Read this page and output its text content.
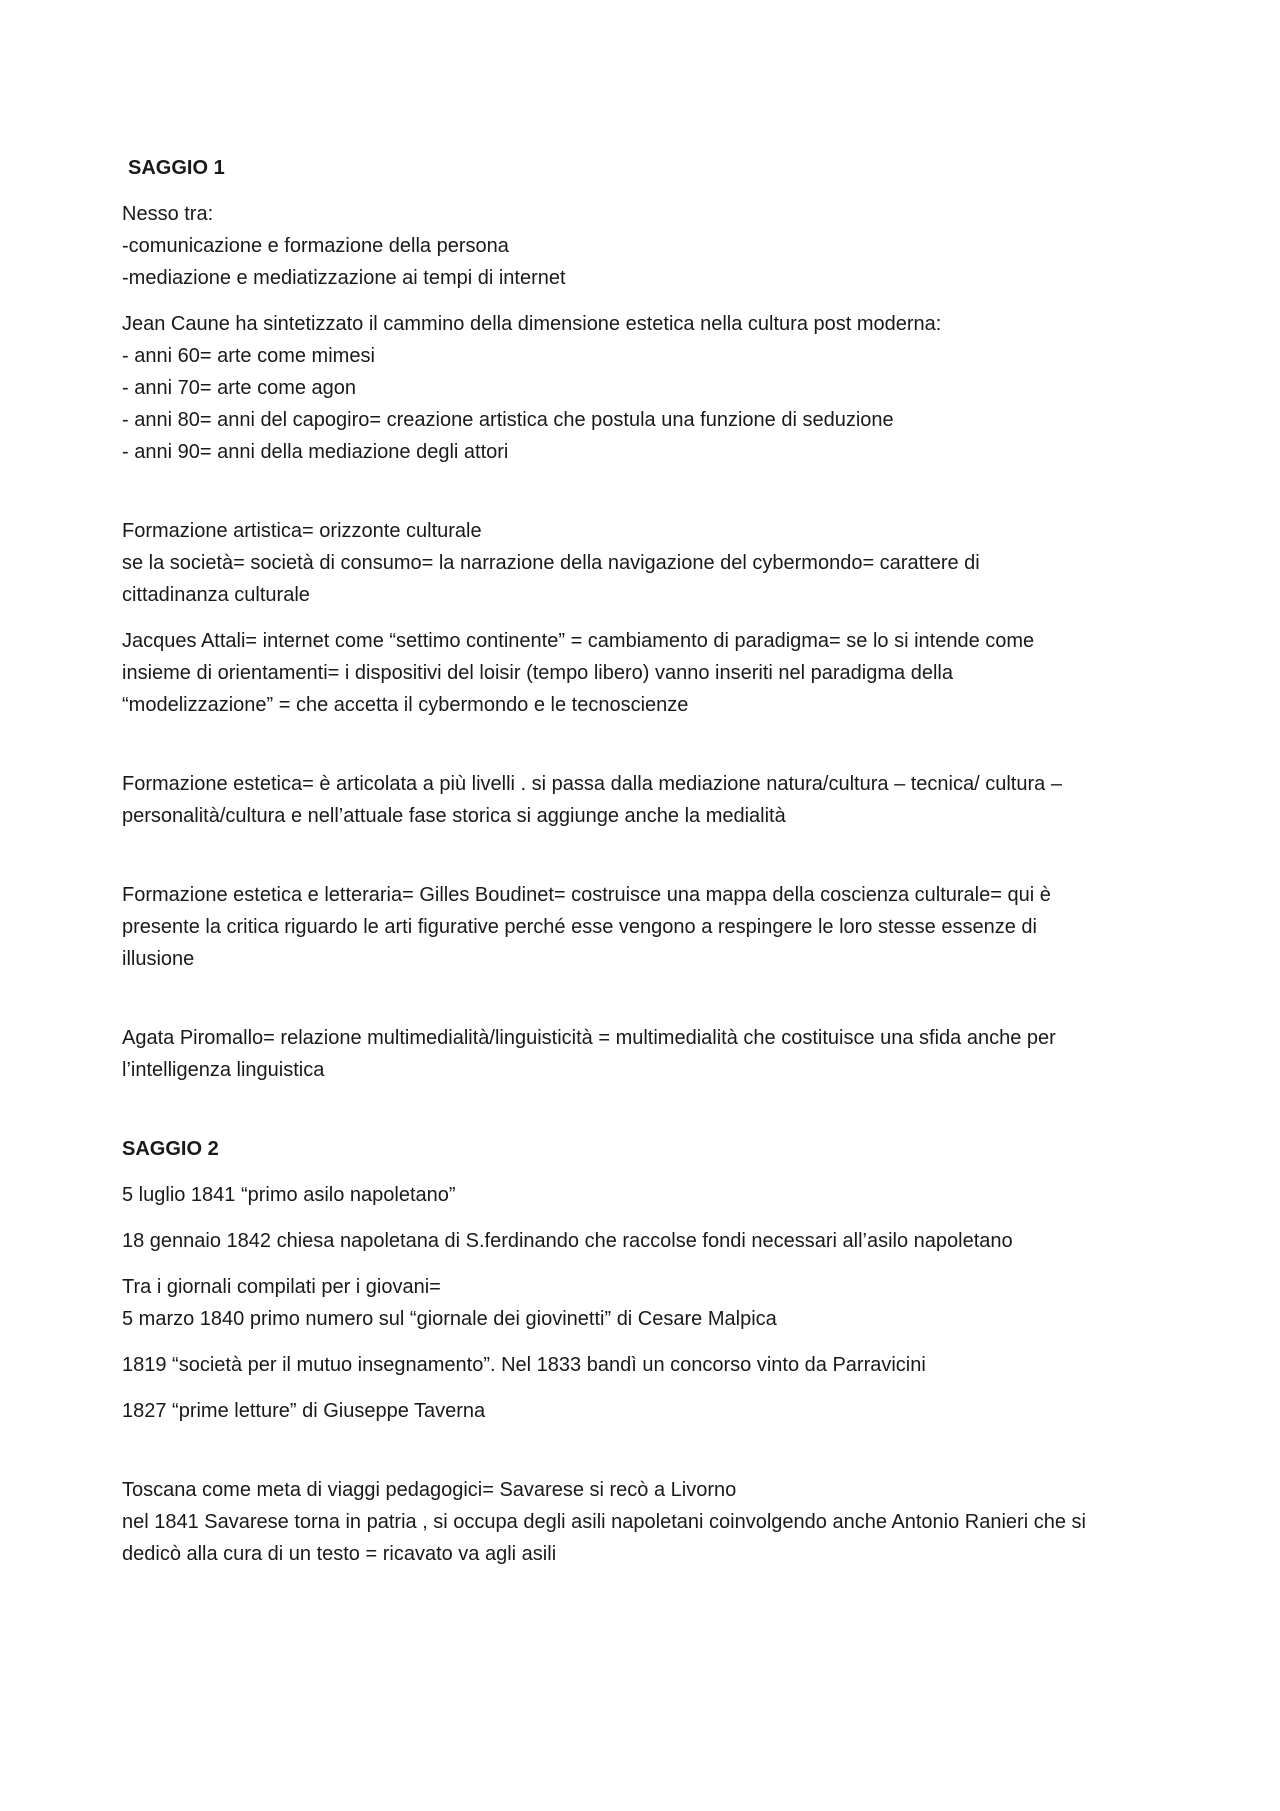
SAGGIO 1
Nesso tra:
-comunicazione e formazione della persona
-mediazione e mediatizzazione ai tempi di internet
Jean Caune ha sintetizzato il cammino della dimensione estetica nella cultura post moderna:
- anni 60= arte come mimesi
- anni 70= arte come agon
- anni 80= anni del capogiro= creazione artistica che postula una funzione di seduzione
- anni 90= anni della mediazione degli attori
Formazione artistica= orizzonte culturale
se la società= società di consumo= la narrazione della navigazione del cybermondo= carattere di
cittadinanza culturale
Jacques Attali= internet come “settimo continente” = cambiamento di paradigma= se lo si intende come
insieme di orientamenti= i dispositivi del loisir (tempo libero) vanno inseriti nel paradigma della
“modelizzazione” = che accetta il cybermondo e le tecnoscienze
Formazione estetica= è articolata a più livelli . si passa dalla mediazione natura/cultura – tecnica/ cultura –
personalità/cultura e nell’attuale fase storica si aggiunge anche la medialità
Formazione estetica e letteraria= Gilles Boudinet= costruisce una mappa della coscienza culturale= qui è
presente la critica riguardo le arti figurative perché esse vengono a respingere le loro stesse essenze di
illusione
Agata Piromallo= relazione multimedialità/linguisticità = multimedialità che costituisce una sfida anche per
l’intelligenza linguistica
SAGGIO 2
5 luglio 1841 “primo asilo napoletano”
18 gennaio 1842 chiesa napoletana di S.ferdinando che raccolse fondi necessari all’asilo napoletano
Tra i giornali compilati per i giovani=
5 marzo 1840 primo numero sul “giornale dei giovinetti” di Cesare Malpica
1819 “società per il mutuo insegnamento”. Nel 1833 bandì un concorso vinto da Parravicini
1827 “prime letture” di Giuseppe Taverna
Toscana come meta di viaggi pedagogici= Savarese si recò a Livorno
nel 1841 Savarese torna in patria , si occupa degli asili napoletani coinvolgendo anche Antonio Ranieri che si
dedicò alla cura di un testo = ricavato va agli asili
